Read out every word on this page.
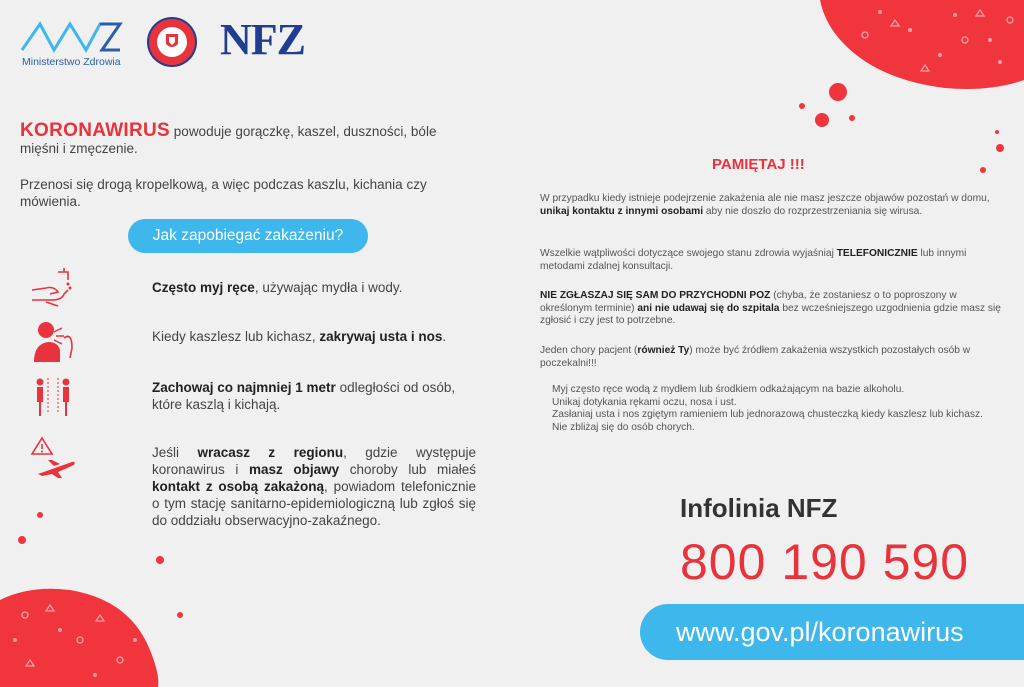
Ministerstwo Zdrowia NFZ
KORONAWIRUS powoduje gorączkę, kaszel, duszności, bóle mięśni i zmęczenie.
Przenosi się drogą kropelkową, a więc podczas kaszlu, kichania czy mówienia.
Jak zapobiegać zakażeniu?
Często myj ręce, używając mydła i wody.
Kiedy kaszlesz lub kichasz, zakrywaj usta i nos.
Zachowaj co najmniej 1 metr odległości od osób, które kaszlą i kichają.
Jeśli wracasz z regionu, gdzie występuje koronawirus i masz objawy choroby lub miałeś kontakt z osobą zakażoną, powiadom telefonicznie o tym stację sanitarno-epidemiologiczną lub zgłoś się do oddziału obserwacyjno-zakaźnego.
PAMIĘTAJ !!!
W przypadku kiedy istnieje podejrzenie zakażenia ale nie masz jeszcze objawów pozostań w domu, unikaj kontaktu z innymi osobami aby nie doszło do rozprzestrzeniania się wirusa.
Wszelkie wątpliwości dotyczące swojego stanu zdrowia wyjaśniaj TELEFONICZNIE lub innymi metodami zdalnej konsultacji.
NIE ZGŁASZAJ SIĘ SAM DO PRZYCHODNI POZ (chyba, że zostaniesz o to poproszony w określonym terminie) ani nie udawaj się do szpitala bez wcześniejszego uzgodnienia gdzie masz się zgłosić i czy jest to potrzebne.
Jeden chory pacjent (również Ty) może być źródłem zakażenia wszystkich pozostałych osób w poczekalni!!!
Myj często ręce wodą z mydłem lub środkiem odkażającym na bazie alkoholu.
Unikaj dotykania rękami oczu, nosa i ust.
Zasłaniaj usta i nos zgiętym ramieniem lub jednorazową chusteczką kiedy kaszlesz lub kichasz.
Nie zbliżaj się do osób chorych.
Infolinia NFZ
800 190 590
www.gov.pl/koronawirus
